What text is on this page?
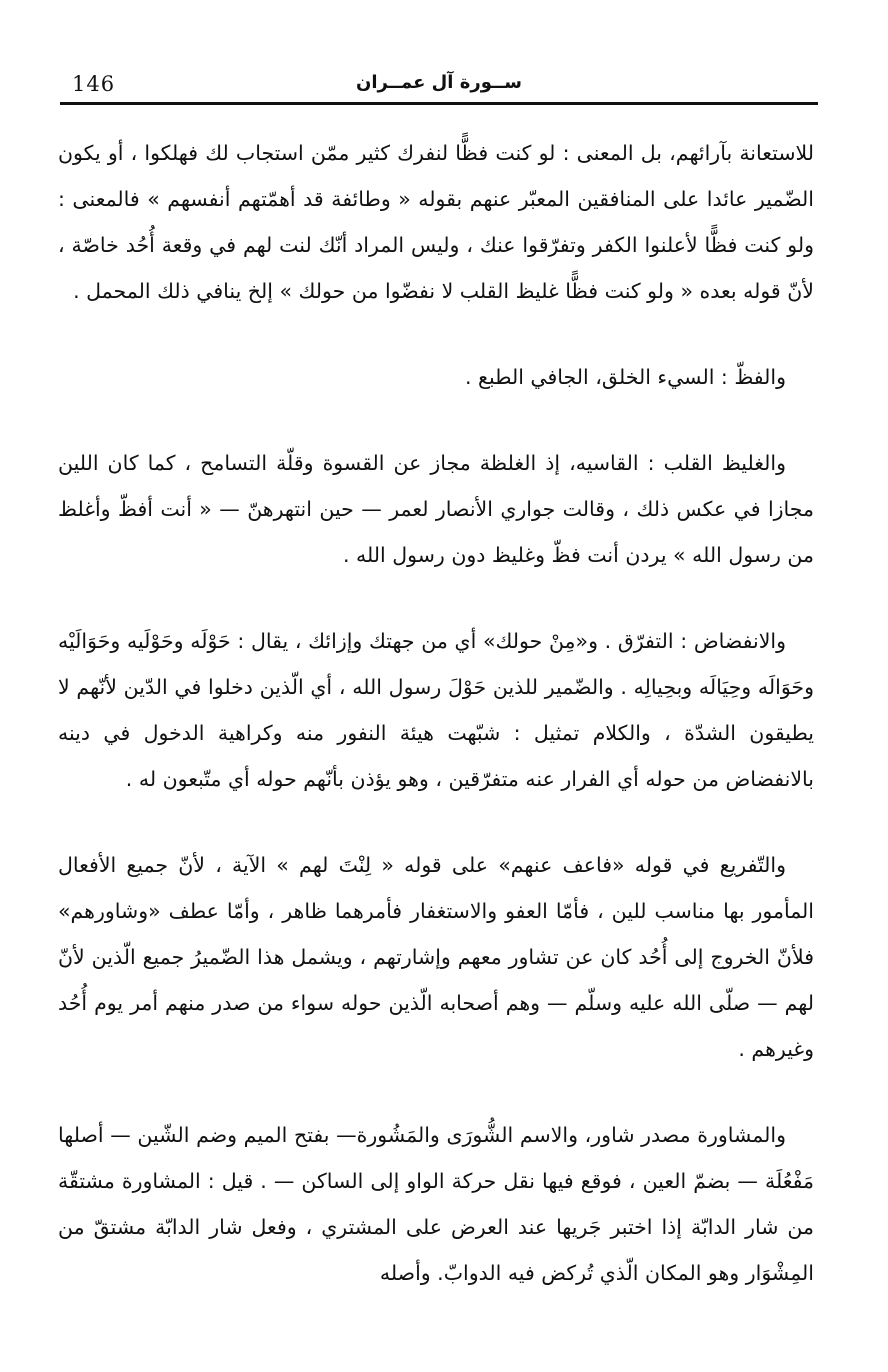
146	ســورة آل عمــران

للاستعانة بآرائهم، بل المعنى : لو كنت فظًّا لنفرك كثير ممّن استجاب لك فهلكوا ، أو يكون الضّمير عائدا على المنافقين المعبّر عنهم بقوله « وطائفة قد أهمّتهم أنفسهم » فالمعنى : ولو كنت فظًّا لأعلنوا الكفر وتفرّقوا عنك ، وليس المراد أنّك لنت لهم في وقعة أُحُد خاصّة ، لأنّ قوله بعده « ولو كنت فظًّا غليظ القلب لا نفضّوا من حولك » إلخ ينافي ذلك المحمل .

والفظّ : السيء الخلق، الجافي الطبع .

والغليظ القلب : القاسيه، إذ الغلظة مجاز عن القسوة وقلّة التسامح ، كما كان اللين مجازا في عكس ذلك ، وقالت جواري الأنصار لعمر — حين انتهرهنّ — « أنت أفظّ وأغلظ من رسول الله » يردن أنت فظّ وغليظ دون رسول الله .

والانفضاض : التفرّق . و«مِنْ حولك» أي من جهتك وإزائك ، يقال : حَوْلَه وحَوْلَيه وحَوَالَيْه وحَوَالَه وحِيَالَه وبحِيالِه . والضّمير للذين حَوْلَ رسول الله ، أي الّذين دخلوا في الدّين لأنّهم لا يطيقون الشدّة ، والكلام تمثيل : شبّهت هيئة النفور منه وكراهية الدخول في دينه بالانفضاض من حوله أي الفرار عنه متفرّقين ، وهو يؤذن بأنّهم حوله أي متّبعون له .

والتّفريع في قوله «فاعف عنهم» على قوله « لِنْتَ لهم » الآية ، لأنّ جميع الأفعال المأمور بها مناسب للين ، فأمّا العفو والاستغفار فأمرهما ظاهر ، وأمّا عطف «وشاورهم» فلأنّ الخروج إلى أُحُد كان عن تشاور معهم وإشارتهم ، ويشمل هذا الضّميرُ جميع الّذين لأنّ لهم — صلّى الله عليه وسلّم — وهم أصحابه الّذين حوله سواء من صدر منهم أمر يوم أُحُد وغيرهم .

والمشاورة مصدر شاور، والاسم الشُّورَى والمَشُورة— بفتح الميم وضم الشّين — أصلها مَفْعُلَة — بضمّ العين ، فوقع فيها نقل حركة الواو إلى الساكن — . قيل : المشاورة مشتقّة من شار الدابّة إذا اختبر جَريها عند العرض على المشتري ، وفعل شار الدابّة مشتقّ من المِشْوَار وهو المكان الّذي تُركض فيه الدوابّ. وأصله
